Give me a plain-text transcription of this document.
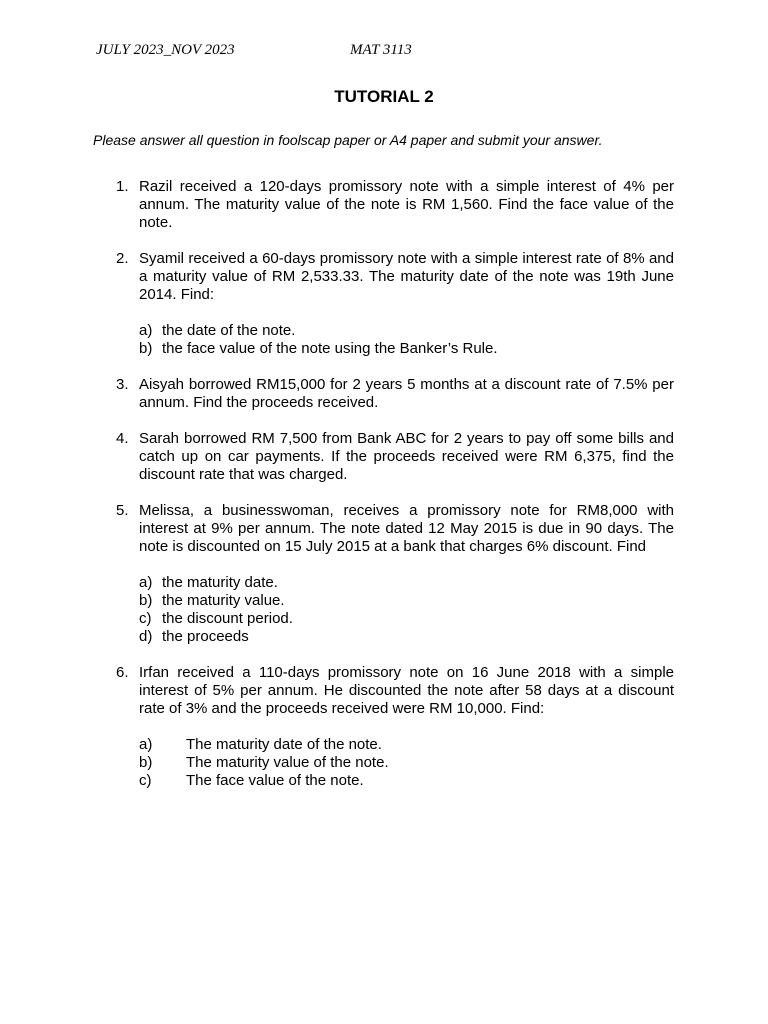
JULY 2023_NOV 2023	MAT 3113
TUTORIAL 2
Please answer all question in foolscap paper or A4 paper and submit your answer.
1. Razil received a 120-days promissory note with a simple interest of 4% per annum. The maturity value of the note is RM 1,560. Find the face value of the note.
2. Syamil received a 60-days promissory note with a simple interest rate of 8% and a maturity value of RM 2,533.33. The maturity date of the note was 19th June 2014. Find:
a) the date of the note.
b) the face value of the note using the Banker’s Rule.
3. Aisyah borrowed RM15,000 for 2 years 5 months at a discount rate of 7.5% per annum. Find the proceeds received.
4. Sarah borrowed RM 7,500 from Bank ABC for 2 years to pay off some bills and catch up on car payments. If the proceeds received were RM 6,375, find the discount rate that was charged.
5. Melissa, a businesswoman, receives a promissory note for RM8,000 with interest at 9% per annum. The note dated 12 May 2015 is due in 90 days. The note is discounted on 15 July 2015 at a bank that charges 6% discount. Find
a) the maturity date.
b) the maturity value.
c) the discount period.
d) the proceeds
6. Irfan received a 110-days promissory note on 16 June 2018 with a simple interest of 5% per annum. He discounted the note after 58 days at a discount rate of 3% and the proceeds received were RM 10,000. Find:
a)	The maturity date of the note.
b)	The maturity value of the note.
c)	The face value of the note.
